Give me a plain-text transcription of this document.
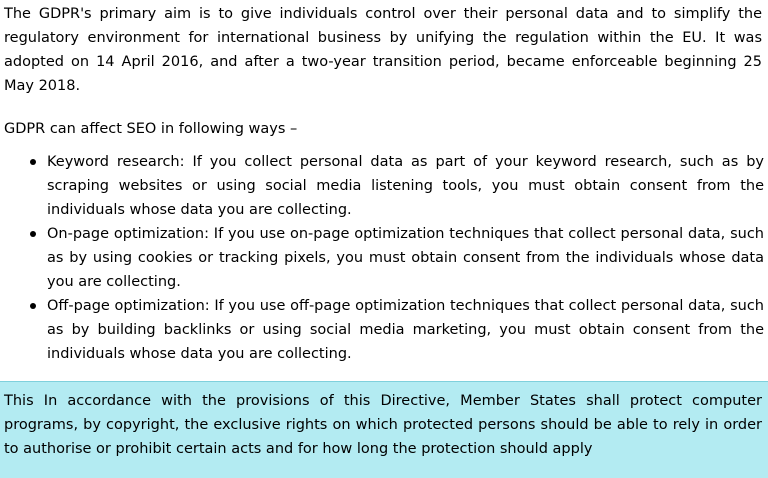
The GDPR's primary aim is to give individuals control over their personal data and to simplify the regulatory environment for international business by unifying the regulation within the EU. It was adopted on 14 April 2016, and after a two-year transition period, became enforceable beginning 25 May 2018.

GDPR can affect SEO in following ways –

Keyword research: If you collect personal data as part of your keyword research, such as by scraping websites or using social media listening tools, you must obtain consent from the individuals whose data you are collecting.
On-page optimization: If you use on-page optimization techniques that collect personal data, such as by using cookies or tracking pixels, you must obtain consent from the individuals whose data you are collecting.
Off-page optimization: If you use off-page optimization techniques that collect personal data, such as by building backlinks or using social media marketing, you must obtain consent from the individuals whose data you are collecting.
This In accordance with the provisions of this Directive, Member States shall protect computer programs, by copyright, the exclusive rights on which protected persons should be able to rely in order to authorise or prohibit certain acts and for how long the protection should apply
